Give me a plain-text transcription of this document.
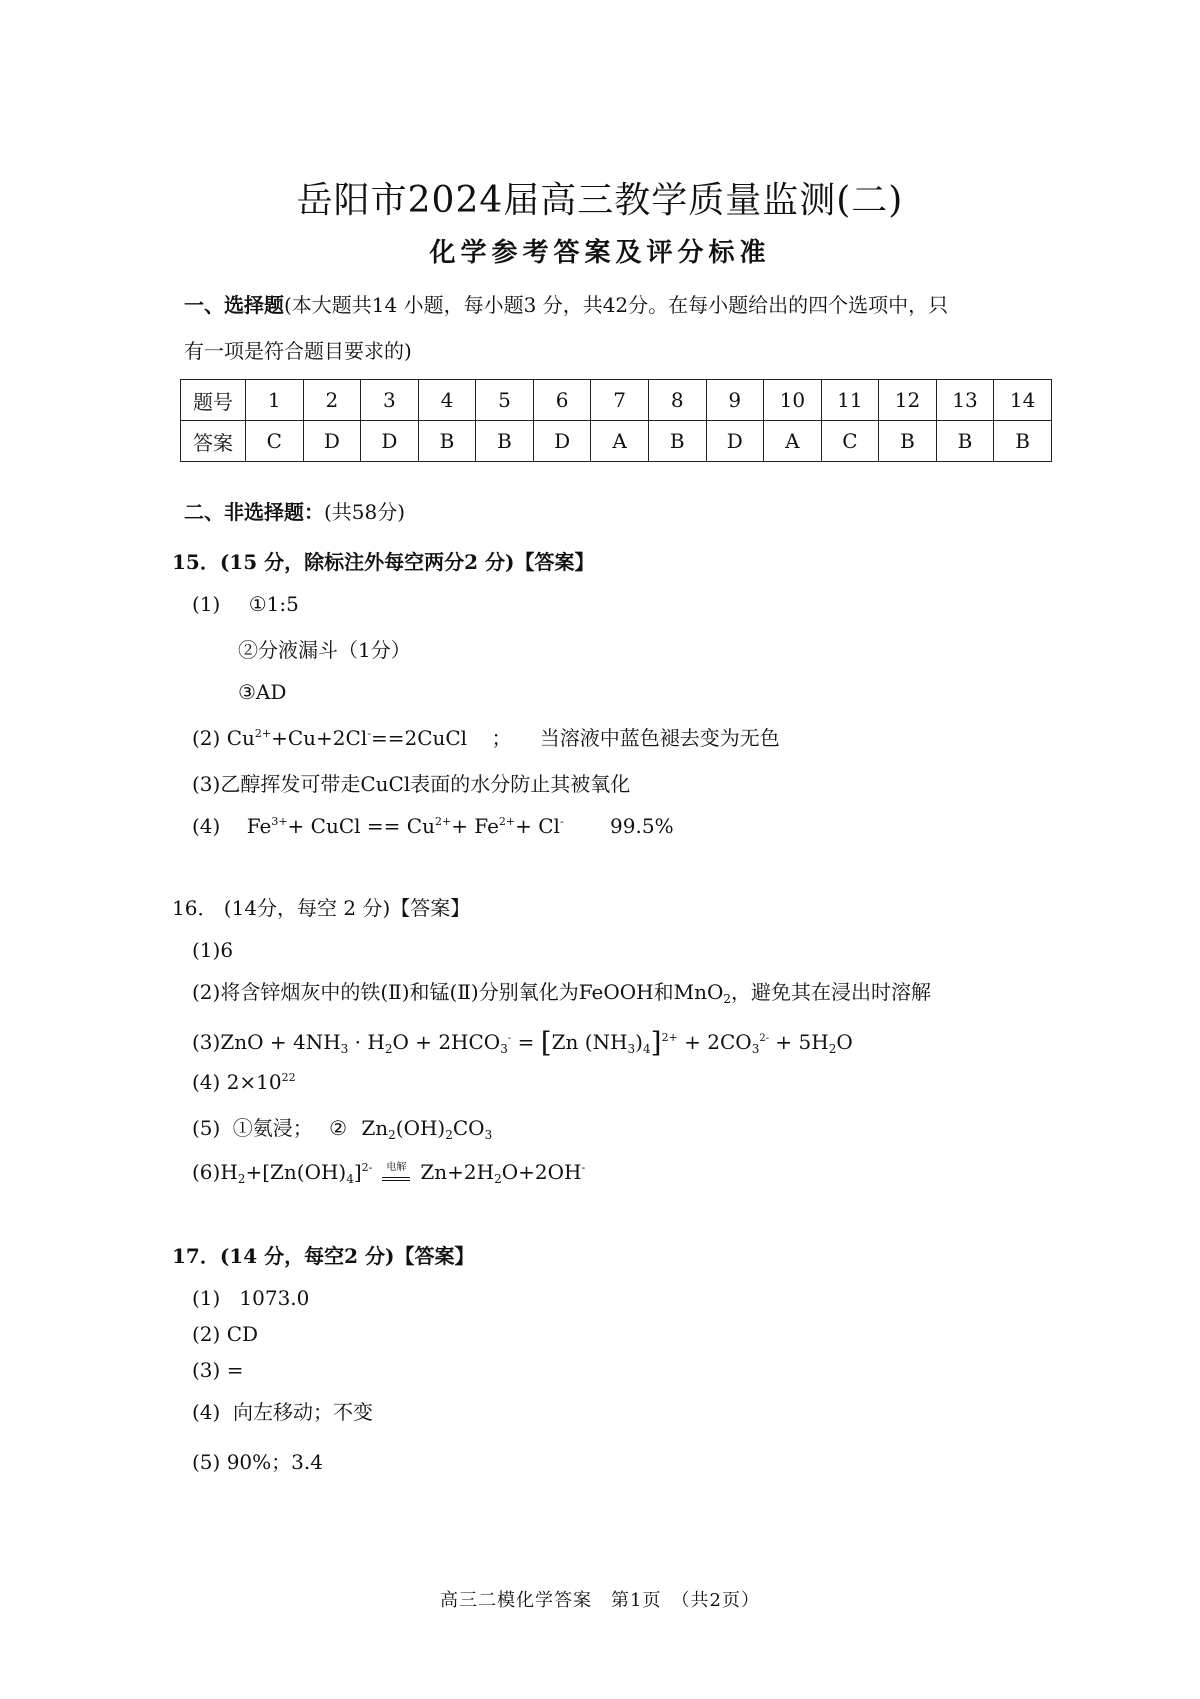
岳阳市2024届高三教学质量监测(二)
化学参考答案及评分标准
一、选择题(本大题共14 小题，每小题3 分，共42分。在每小题给出的四个选项中，只
有一项是符合题目要求的)
题号	1	2	3	4	5	6	7	8	9	10	11	12	13	14
答案	C	D	D	B	B	D	A	B	D	A	C	B	B	B
二、非选择题：(共58分)
15．(15 分，除标注外每空两分2 分)【答案】
(1) ①1:5
②分液漏斗（1分）
③AD
(2) $Cu^{2+}+Cu+2Cl^-==2CuCl$ ； 当溶液中蓝色褪去变为无色
(3)乙醇挥发可带走CuCl表面的水分防止其被氧化
(4) $Fe^{3+}+$ CuCl == $Cu^{2+}+ Fe^{2+}+ Cl^-$ 99.5%
16． (14分，每空 2 分)【答案】
(1)6
(2)将含锌烟灰中的铁(Ⅱ)和锰(Ⅱ)分别氧化为FeOOH和MnO$_2$，避免其在浸出时溶解
$(3)ZnO + 4NH_3 \cdot H_2O + 2HCO_3^- = [Zn$ $(NH_3)_4]^{2+} + 2CO_3^{2-} + 5H_2O$
(4) $2\times 10^{22}$
(5) ①氨浸； ② $Zn_2(OH)_2CO_3$
$(6)H_2+[Zn(OH)_4]^{2-}$ 电解 $Zn+2H_2O+2OH^-$
17．(14 分，每空2 分)【答案】
(1)   1073.0
(2) CD
(3) =
(4)  向左移动；不变
(5) 90%；3.4
高三二模化学答案　第1页　（共2页）
